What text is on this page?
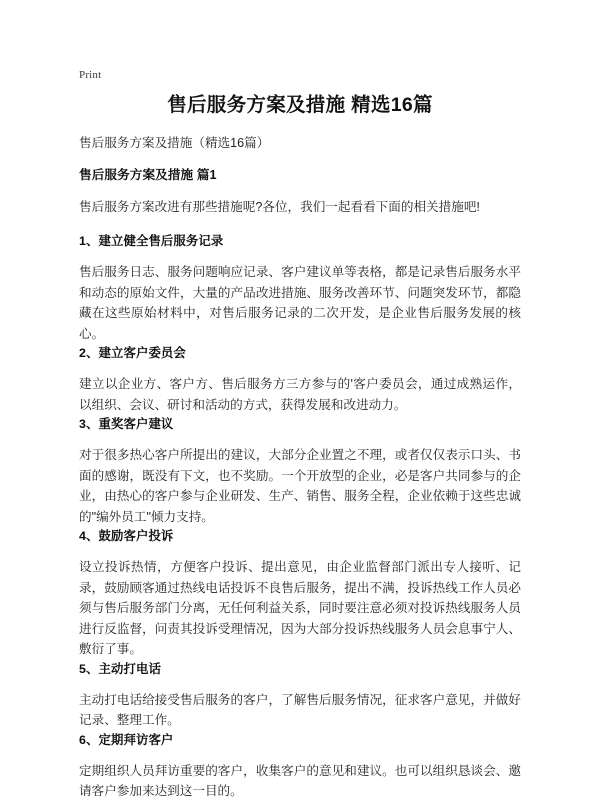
Print
售后服务方案及措施 精选16篇

售后服务方案及措施（精选16篇）

售后服务方案及措施 篇1

售后服务方案改进有那些措施呢?各位，我们一起看看下面的相关措施吧!

1、建立健全售后服务记录

售后服务日志、服务问题响应记录、客户建议单等表格，都是记录售后服务水平和动态的原始文件，大量的产品改进措施、服务改善环节、问题突发环节，都隐藏在这些原始材料中，对售后服务记录的二次开发，是企业售后服务发展的核心。

2、建立客户委员会

建立以企业方、客户方、售后服务方三方参与的'客户委员会，通过成熟运作，以组织、会议、研讨和活动的方式，获得发展和改进动力。

3、重奖客户建议

对于很多热心客户所提出的建议，大部分企业置之不理，或者仅仅表示口头、书面的感谢，既没有下文，也不奖励。一个开放型的企业，必是客户共同参与的企业，由热心的客户参与企业研发、生产、销售、服务全程，企业依赖于这些忠诚的"编外员工"倾力支持。

4、鼓励客户投诉

设立投诉热情，方便客户投诉、提出意见，由企业监督部门派出专人接听、记录，鼓励顾客通过热线电话投诉不良售后服务，提出不满，投诉热线工作人员必须与售后服务部门分离，无任何利益关系，同时要注意必须对投诉热线服务人员进行反监督，问责其投诉受理情况，因为大部分投诉热线服务人员会息事宁人、敷衍了事。

5、主动打电话

主动打电话给接受售后服务的客户，了解售后服务情况，征求客户意见，并做好记录、整理工作。

6、定期拜访客户

定期组织人员拜访重要的客户，收集客户的意见和建议。也可以组织恳谈会、邀请客户参加来达到这一目的。
